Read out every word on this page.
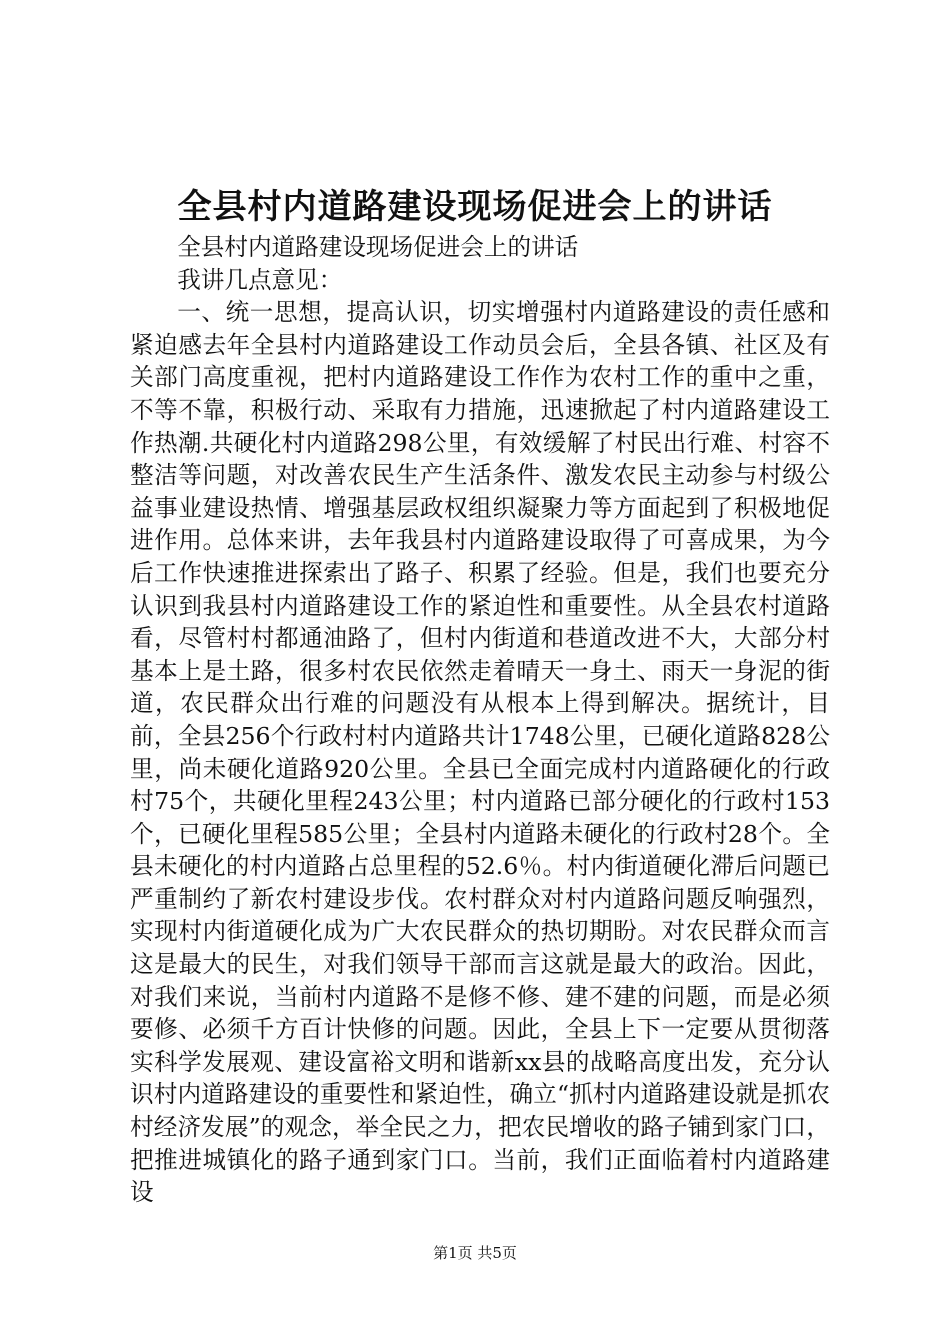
全县村内道路建设现场促进会上的讲话

全县村内道路建设现场促进会上的讲话

我讲几点意见：

一、统一思想，提高认识，切实增强村内道路建设的责任感和紧迫感去年全县村内道路建设工作动员会后，全县各镇、社区及有关部门高度重视，把村内道路建设工作作为农村工作的重中之重，不等不靠，积极行动、采取有力措施，迅速掀起了村内道路建设工作热潮.共硬化村内道路298公里，有效缓解了村民出行难、村容不整洁等问题，对改善农民生产生活条件、激发农民主动参与村级公益事业建设热情、增强基层政权组织凝聚力等方面起到了积极地促进作用。总体来讲，去年我县村内道路建设取得了可喜成果，为今后工作快速推进探索出了路子、积累了经验。但是，我们也要充分认识到我县村内道路建设工作的紧迫性和重要性。从全县农村道路看，尽管村村都通油路了，但村内街道和巷道改进不大，大部分村基本上是土路，很多村农民依然走着晴天一身土、雨天一身泥的街道，农民群众出行难的问题没有从根本上得到解决。据统计，目前，全县256个行政村村内道路共计1748公里，已硬化道路828公里，尚未硬化道路920公里。全县已全面完成村内道路硬化的行政村75个，共硬化里程243公里；村内道路已部分硬化的行政村153个，已硬化里程585公里；全县村内道路未硬化的行政村28个。全县未硬化的村内道路占总里程的52.6％。村内街道硬化滞后问题已严重制约了新农村建设步伐。农村群众对村内道路问题反响强烈，实现村内街道硬化成为广大农民群众的热切期盼。对农民群众而言这是最大的民生，对我们领导干部而言这就是最大的政治。因此，对我们来说，当前村内道路不是修不修、建不建的问题，而是必须要修、必须千方百计快修的问题。因此，全县上下一定要从贯彻落实科学发展观、建设富裕文明和谐新xx县的战略高度出发，充分认识村内道路建设的重要性和紧迫性，确立“抓村内道路建设就是抓农村经济发展”的观念，举全民之力，把农民增收的路子铺到家门口，把推进城镇化的路子通到家门口。当前，我们正面临着村内道路建设

第1页 共5页
